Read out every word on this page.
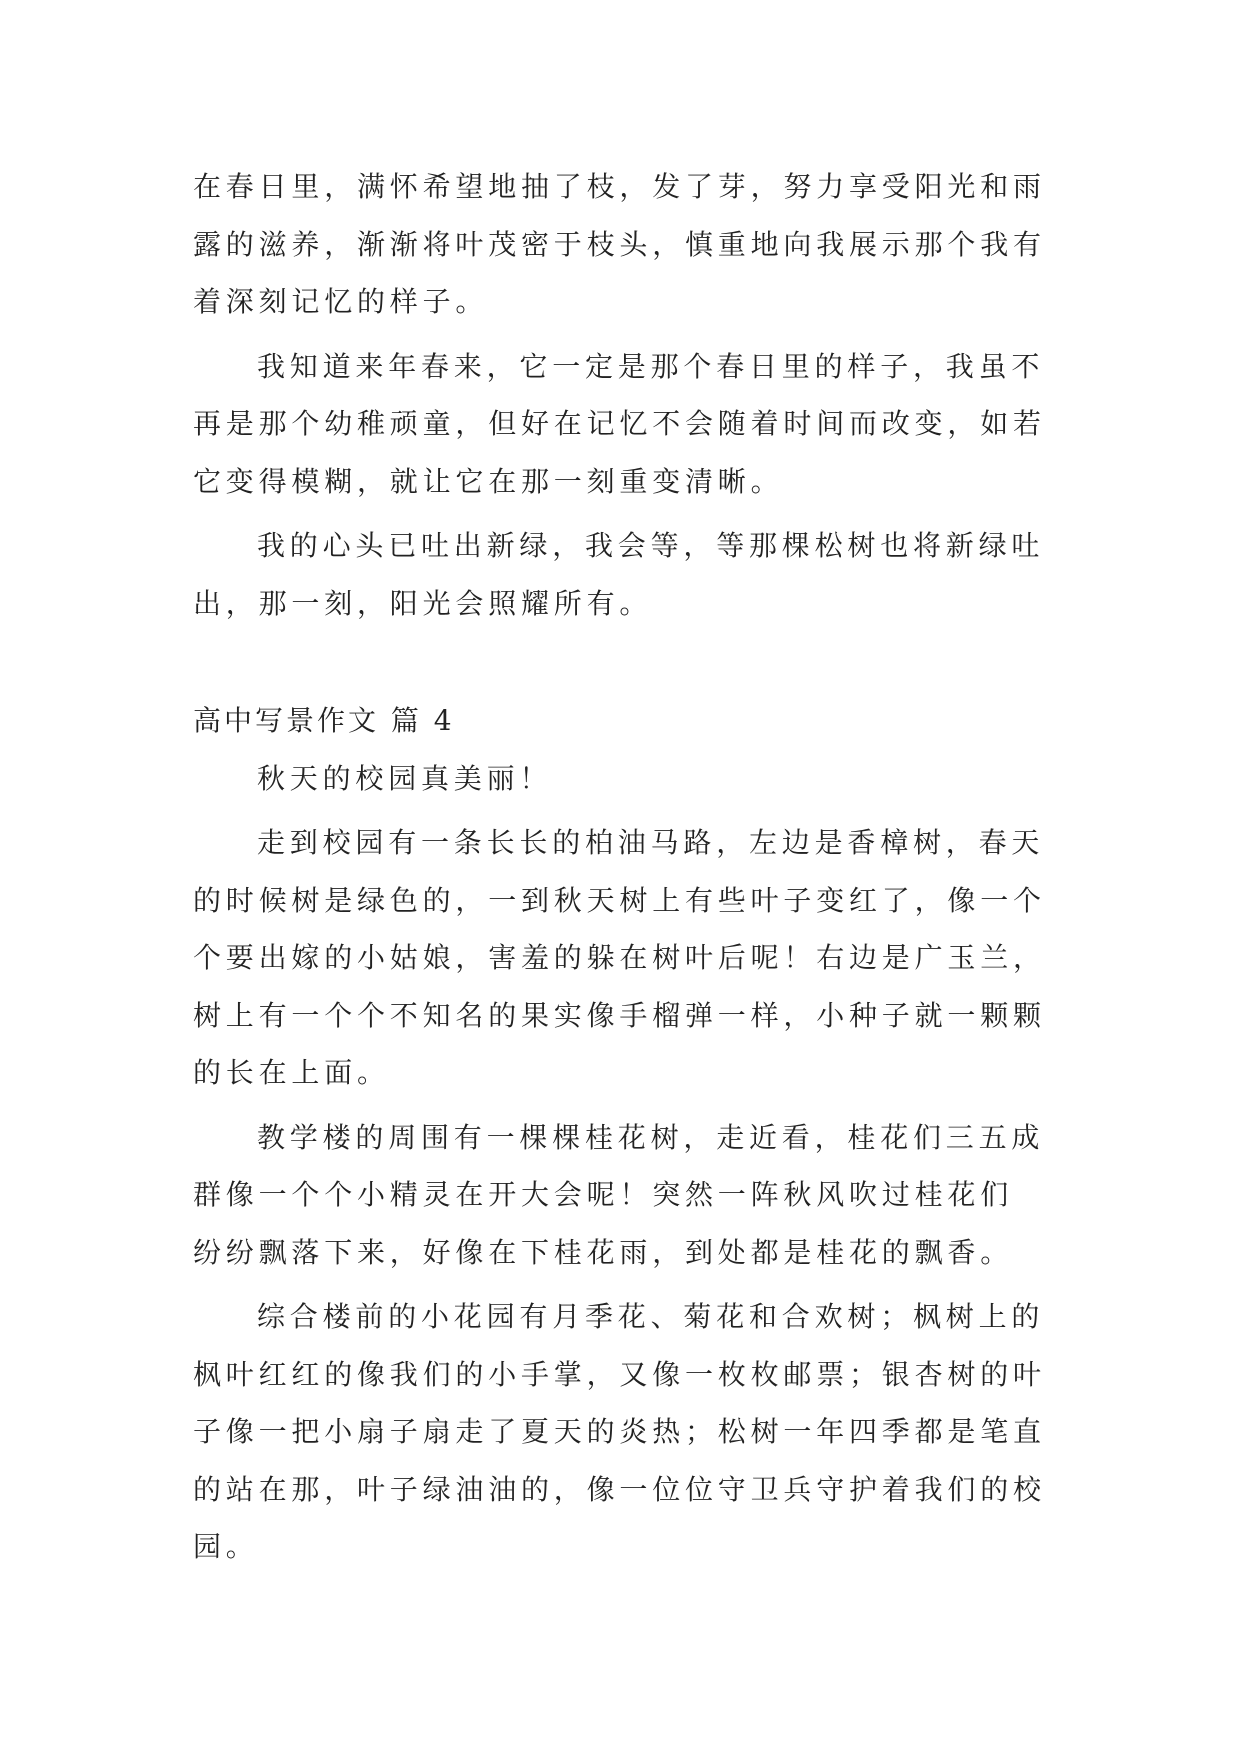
在春日里，满怀希望地抽了枝，发了芽，努力享受阳光和雨
露的滋养，渐渐将叶茂密于枝头，慎重地向我展示那个我有
着深刻记忆的样子。
我知道来年春来，它一定是那个春日里的样子，我虽不
再是那个幼稚顽童，但好在记忆不会随着时间而改变，如若
它变得模糊，就让它在那一刻重变清晰。
我的心头已吐出新绿，我会等，等那棵松树也将新绿吐
出，那一刻，阳光会照耀所有。
高中写景作文 篇 4
秋天的校园真美丽！
走到校园有一条长长的柏油马路，左边是香樟树，春天
的时候树是绿色的，一到秋天树上有些叶子变红了，像一个
个要出嫁的小姑娘，害羞的躲在树叶后呢！右边是广玉兰，
树上有一个个不知名的果实像手榴弹一样，小种子就一颗颗
的长在上面。
教学楼的周围有一棵棵桂花树，走近看，桂花们三五成
群像一个个小精灵在开大会呢！突然一阵秋风吹过桂花们
纷纷飘落下来，好像在下桂花雨，到处都是桂花的飘香。
综合楼前的小花园有月季花、菊花和合欢树；枫树上的
枫叶红红的像我们的小手掌，又像一枚枚邮票；银杏树的叶
子像一把小扇子扇走了夏天的炎热；松树一年四季都是笔直
的站在那，叶子绿油油的，像一位位守卫兵守护着我们的校
园。
